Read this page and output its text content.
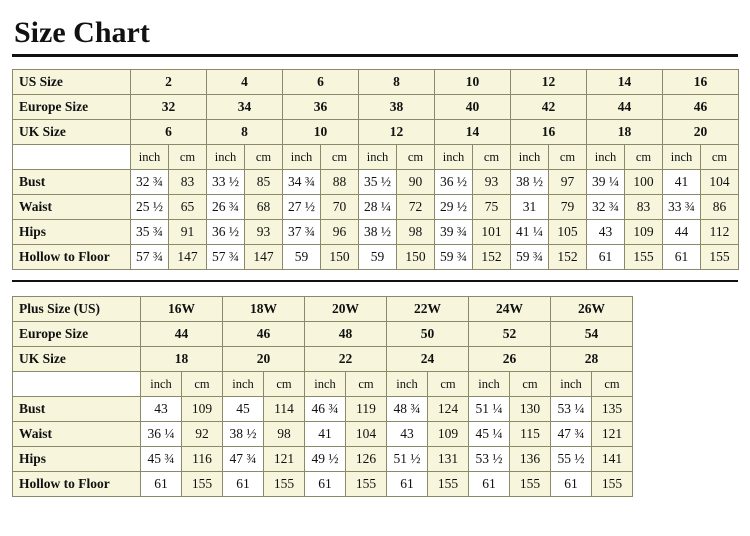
Size Chart
US Size	2		4		6		8		10		12		14		16	
Europe Size	32		34		36		38		40		42		44		46	
UK Size	6		8		10		12		14		16		18		20	
	inch	cm	inch	cm	inch	cm	inch	cm	inch	cm	inch	cm	inch	cm	inch	cm
Bust	32 ¾	83	33 ½	85	34 ¾	88	35 ½	90	36 ½	93	38 ½	97	39 ¼	100	41	104
Waist	25 ½	65	26 ¾	68	27 ½	70	28 ¼	72	29 ½	75	31	79	32 ¾	83	33 ¾	86
Hips	35 ¾	91	36 ½	93	37 ¾	96	38 ½	98	39 ¾	101	41 ¼	105	43	109	44	112
Hollow to Floor	57 ¾	147	57 ¾	147	59	150	59	150	59 ¾	152	59 ¾	152	61	155	61	155
Plus Size (US)	16W		18W		20W		22W		24W		26W	
Europe Size	44		46		48		50		52		54	
UK Size	18		20		22		24		26		28	
	inch	cm	inch	cm	inch	cm	inch	cm	inch	cm	inch	cm
Bust	43	109	45	114	46 ¾	119	48 ¾	124	51 ¼	130	53 ¼	135
Waist	36 ¼	92	38 ½	98	41	104	43	109	45 ¼	115	47 ¾	121
Hips	45 ¾	116	47 ¾	121	49 ½	126	51 ½	131	53 ½	136	55 ½	141
Hollow to Floor	61	155	61	155	61	155	61	155	61	155	61	155
